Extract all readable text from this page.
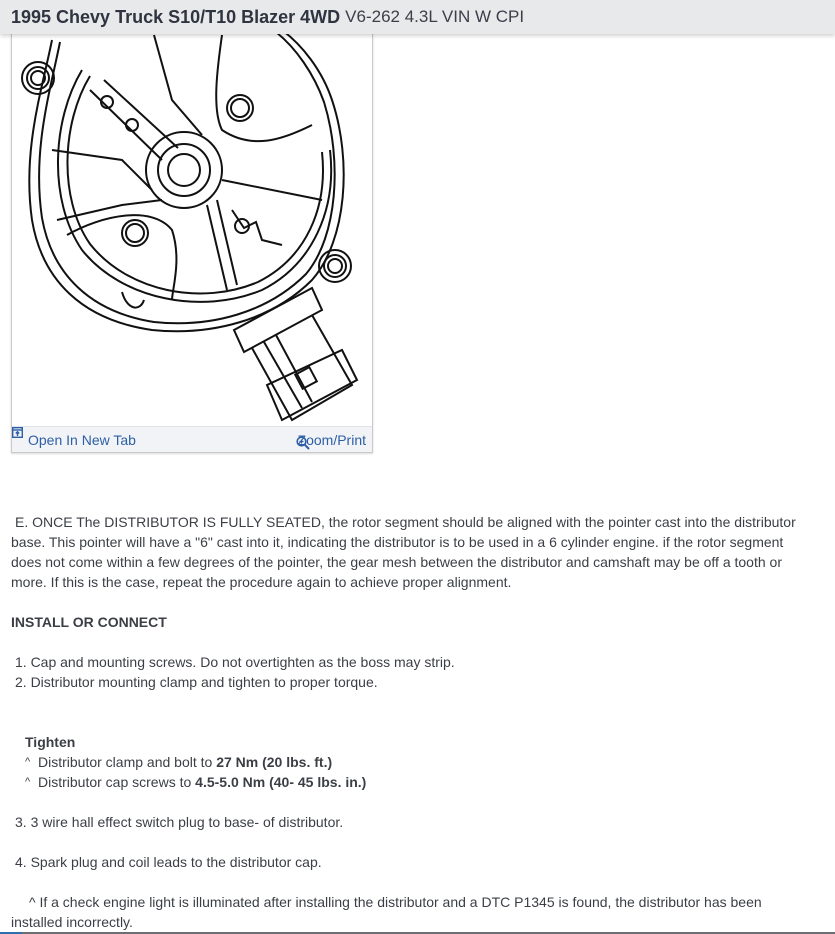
1995 Chevy Truck S10/T10 Blazer 4WD V6-262 4.3L VIN W CPI
Open In New Tab	Zoom/Print

E. ONCE The DISTRIBUTOR IS FULLY SEATED, the rotor segment should be aligned with the pointer cast into the distributor base. This pointer will have a "6" cast into it, indicating the distributor is to be used in a 6 cylinder engine. if the rotor segment does not come within a few degrees of the pointer, the gear mesh between the distributor and camshaft may be off a tooth or more. If this is the case, repeat the procedure again to achieve proper alignment.

INSTALL OR CONNECT
1. Cap and mounting screws. Do not overtighten as the boss may strip.
2. Distributor mounting clamp and tighten to proper torque.
Tighten
^ Distributor clamp and bolt to 27 Nm (20 lbs. ft.)
^ Distributor cap screws to 4.5-5.0 Nm (40- 45 lbs. in.)
3. 3 wire hall effect switch plug to base- of distributor.
4. Spark plug and coil leads to the distributor cap.

^ If a check engine light is illuminated after installing the distributor and a DTC P1345 is found, the distributor has been installed incorrectly.
